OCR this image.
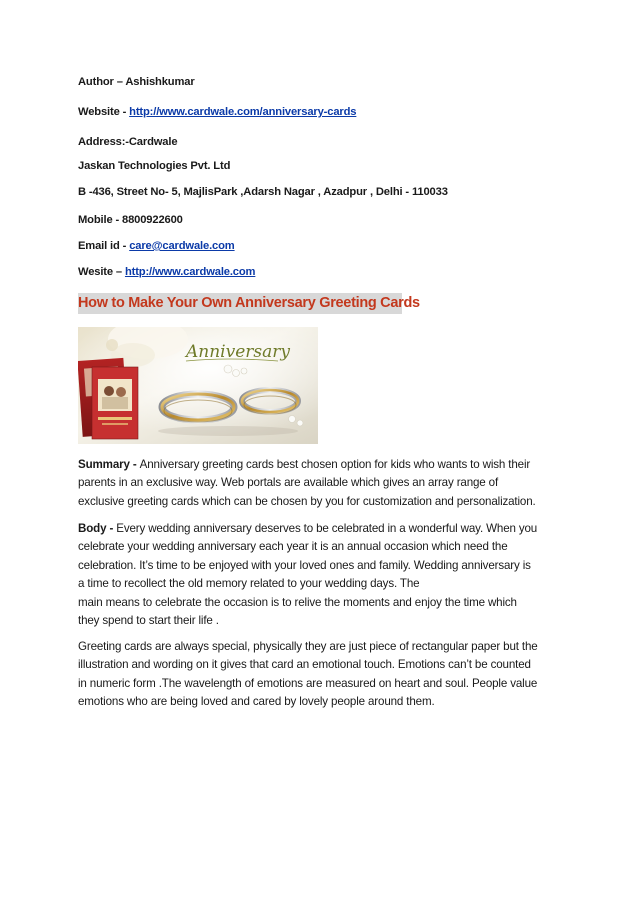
Author – Ashishkumar
Website - http://www.cardwale.com/anniversary-cards
Address:-Cardwale
Jaskan Technologies Pvt. Ltd
B -436, Street No- 5, MajlisPark ,Adarsh Nagar , Azadpur , Delhi - 110033
Mobile - 8800922600
Email id - care@cardwale.com
Wesite – http://www.cardwale.com
How to Make Your Own Anniversary Greeting Cards
Anniversary
Summary - Anniversary greeting cards best chosen option for kids who wants to wish their
parents in an exclusive way. Web portals are available which gives an array range of
exclusive greeting cards which can be chosen by you for customization and personalization.
Body - Every wedding anniversary deserves to be celebrated in a wonderful way. When you
celebrate your wedding anniversary each year it is an annual occasion which need the
celebration. It’s time to be enjoyed with your loved ones and family. Wedding anniversary is
a time to recollect the old memory related to your wedding days. The
main means to celebrate the occasion is to relive the moments and enjoy the time which
they spend to start their life .
Greeting cards are always special, physically they are just piece of rectangular paper but the
illustration and wording on it gives that card an emotional touch. Emotions can’t be counted
in numeric form .The wavelength of emotions are measured on heart and soul. People value
emotions who are being loved and cared by lovely people around them.
